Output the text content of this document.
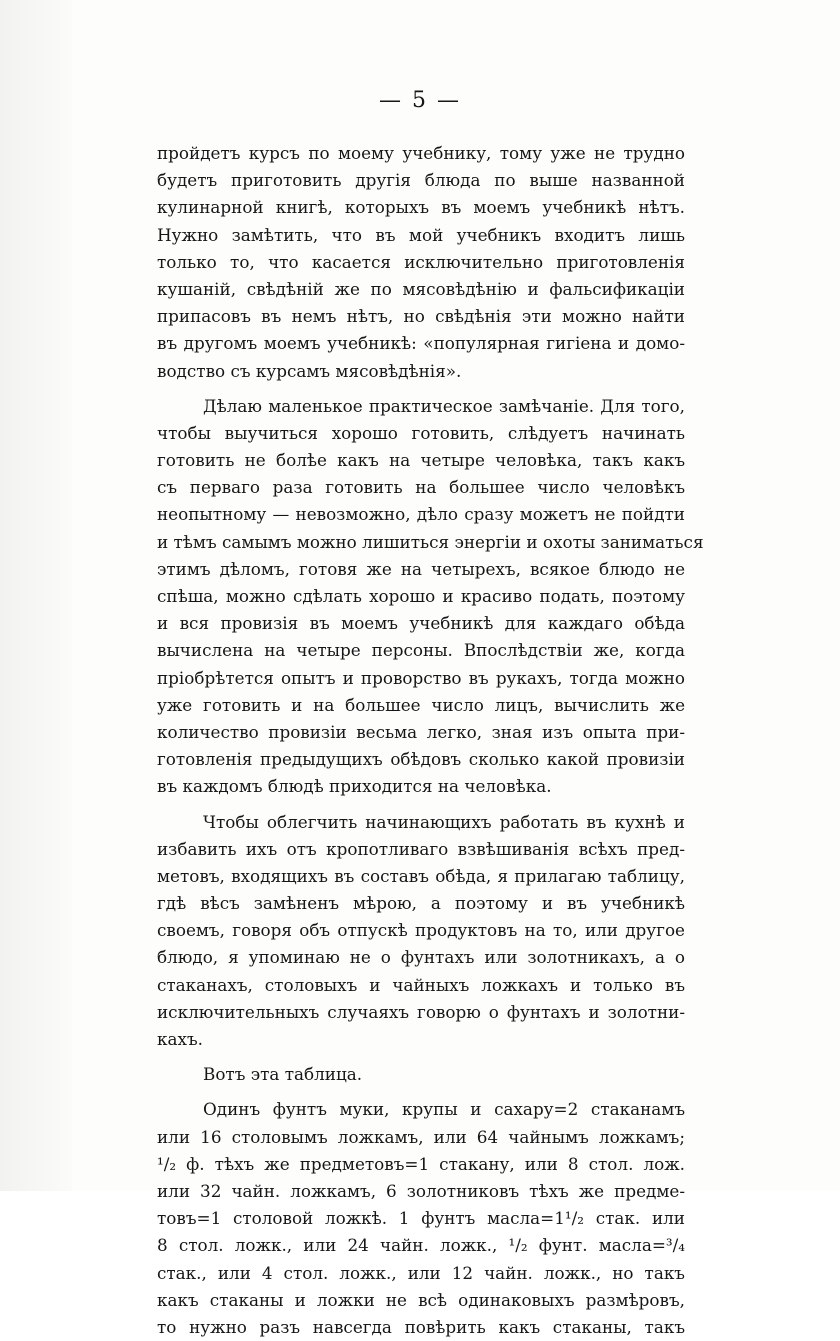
— 5 —
пройдетъ курсъ по моему учебнику, тому уже не трудно
будетъ приготовить другія блюда по выше названной
кулинарной книгѣ, которыхъ въ моемъ учебникѣ нѣтъ.
Нужно замѣтить, что въ мой учебникъ входитъ лишь
только то, что касается исключительно приготовленія
кушаній, свѣдѣній же по мясовѣдѣнію и фальсификаціи
припасовъ въ немъ нѣтъ, но свѣдѣнія эти можно найти
въ другомъ моемъ учебникѣ: «популярная гигіена и домо-
водство съ курсамъ мясовѣдѣнія».
Дѣлаю маленькое практическое замѣчаніе. Для того,
чтобы выучиться хорошо готовить, слѣдуетъ начинать
готовить не болѣе какъ на четыре человѣка, такъ какъ
съ перваго раза готовить на большее число человѣкъ
неопытному — невозможно, дѣло сразу можетъ не пойдти
и тѣмъ самымъ можно лишиться энергіи и охоты заниматься
этимъ дѣломъ, готовя же на четырехъ, всякое блюдо не
спѣша, можно сдѣлать хорошо и красиво подать, поэтому
и вся провизія въ моемъ учебникѣ для каждаго обѣда
вычислена на четыре персоны. Впослѣдствіи же, когда
пріобрѣтется опытъ и проворство въ рукахъ, тогда можно
уже готовить и на большее число лицъ, вычислить же
количество провизіи весьма легко, зная изъ опыта при-
готовленія предыдущихъ обѣдовъ сколько какой провизіи
въ каждомъ блюдѣ приходится на человѣка.
Чтобы облегчить начинающихъ работать въ кухнѣ и
избавить ихъ отъ кропотливаго взвѣшиванія всѣхъ пред-
метовъ, входящихъ въ составъ обѣда, я прилагаю таблицу,
гдѣ вѣсъ замѣненъ мѣрою, а поэтому и въ учебникѣ
своемъ, говоря объ отпускѣ продуктовъ на то, или другое
блюдо, я упоминаю не о фунтахъ или золотникахъ, а о
стаканахъ, столовыхъ и чайныхъ ложкахъ и только въ
исключительныхъ случаяхъ говорю о фунтахъ и золотни-
кахъ.
Вотъ эта таблица.
Одинъ фунтъ муки, крупы и сахару=2 стаканамъ
или 16 столовымъ ложкамъ, или 64 чайнымъ ложкамъ;
¹/₂ ф. тѣхъ же предметовъ=1 стакану, или 8 стол. лож.
или 32 чайн. ложкамъ, 6 золотниковъ тѣхъ же предме-
товъ=1 столовой ложкѣ. 1 фунтъ масла=1¹/₂ стак. или
8 стол. ложк., или 24 чайн. ложк., ¹/₂ фунт. масла=³/₄
стак., или 4 стол. ложк., или 12 чайн. ложк., но такъ
какъ стаканы и ложки не всѣ одинаковыхъ размѣровъ,
то нужно разъ навсегда повѣрить какъ стаканы, такъ
